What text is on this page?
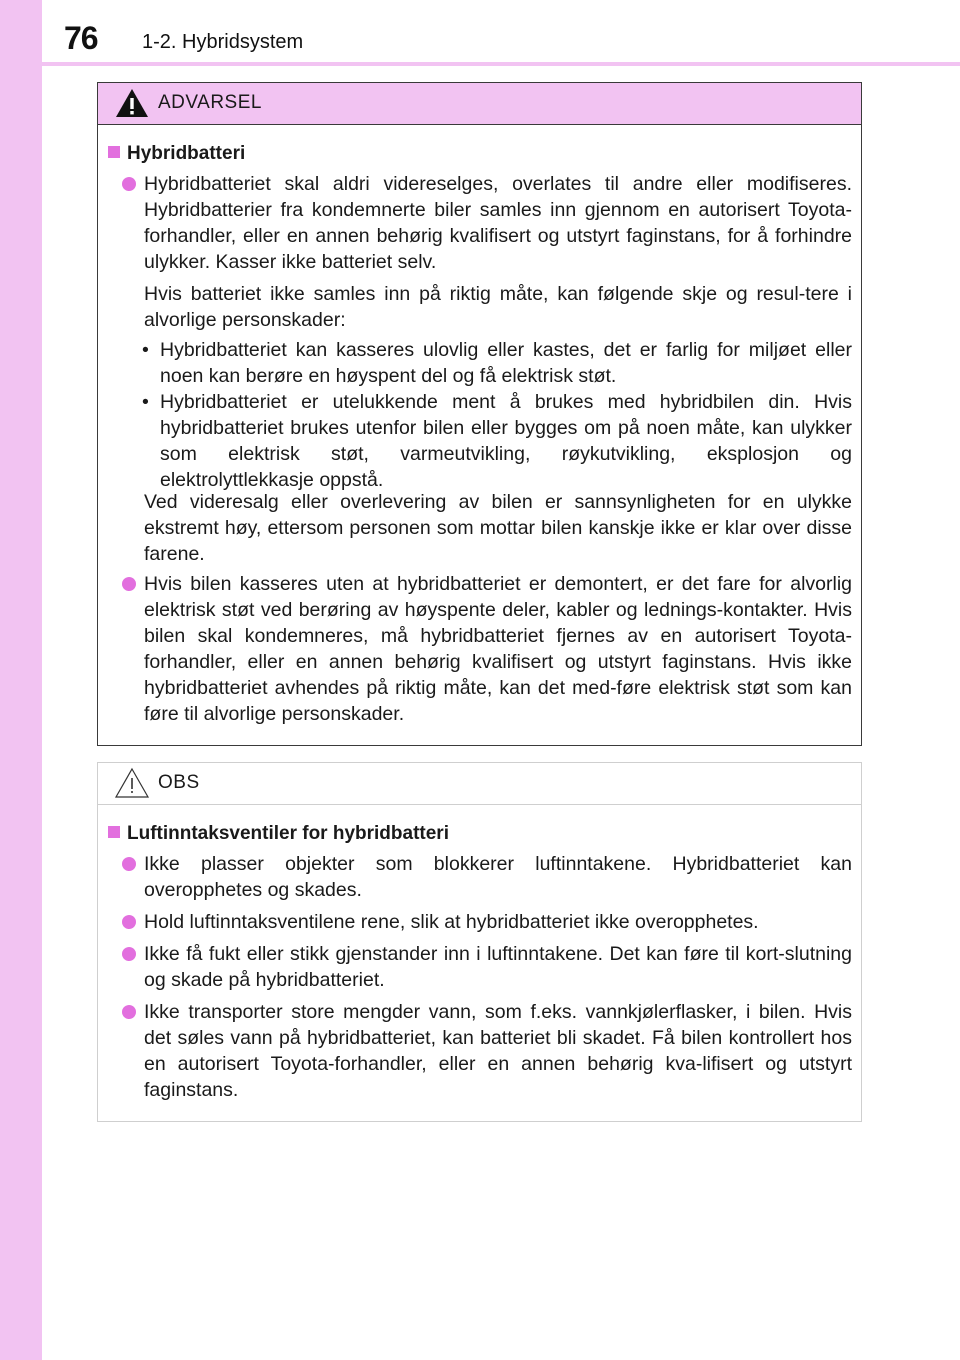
76 1-2. Hybridsystem
ADVARSEL
Hybridbatteri
Hybridbatteriet skal aldri videreselges, overlates til andre eller modifiseres. Hybridbatterier fra kondemnerte biler samles inn gjennom en autorisert Toyota-forhandler, eller en annen behørig kvalifisert og utstyrt faginstans, for å forhindre ulykker. Kasser ikke batteriet selv.
Hvis batteriet ikke samles inn på riktig måte, kan følgende skje og resul-tere i alvorlige personskader:
• Hybridbatteriet kan kasseres ulovlig eller kastes, det er farlig for miljøet eller noen kan berøre en høyspent del og få elektrisk støt.
• Hybridbatteriet er utelukkende ment å brukes med hybridbilen din. Hvis hybridbatteriet brukes utenfor bilen eller bygges om på noen måte, kan ulykker som elektrisk støt, varmeutvikling, røykutvikling, eksplosjon og elektrolyttlekkasje oppstå.
Ved videresalg eller overlevering av bilen er sannsynligheten for en ulykke ekstremt høy, ettersom personen som mottar bilen kanskje ikke er klar over disse farene.
Hvis bilen kasseres uten at hybridbatteriet er demontert, er det fare for alvorlig elektrisk støt ved berøring av høyspente deler, kabler og lednings-kontakter. Hvis bilen skal kondemneres, må hybridbatteriet fjernes av en autorisert Toyota-forhandler, eller en annen behørig kvalifisert og utstyrt faginstans. Hvis ikke hybridbatteriet avhendes på riktig måte, kan det med-føre elektrisk støt som kan føre til alvorlige personskader.
OBS
Luftinntaksventiler for hybridbatteri
Ikke plasser objekter som blokkerer luftinntakene. Hybridbatteriet kan overopphetes og skades.
Hold luftinntaksventilene rene, slik at hybridbatteriet ikke overopphetes.
Ikke få fukt eller stikk gjenstander inn i luftinntakene. Det kan føre til kort-slutning og skade på hybridbatteriet.
Ikke transporter store mengder vann, som f.eks. vannkjølerflasker, i bilen. Hvis det søles vann på hybridbatteriet, kan batteriet bli skadet. Få bilen kontrollert hos en autorisert Toyota-forhandler, eller en annen behørig kva-lifisert og utstyrt faginstans.
